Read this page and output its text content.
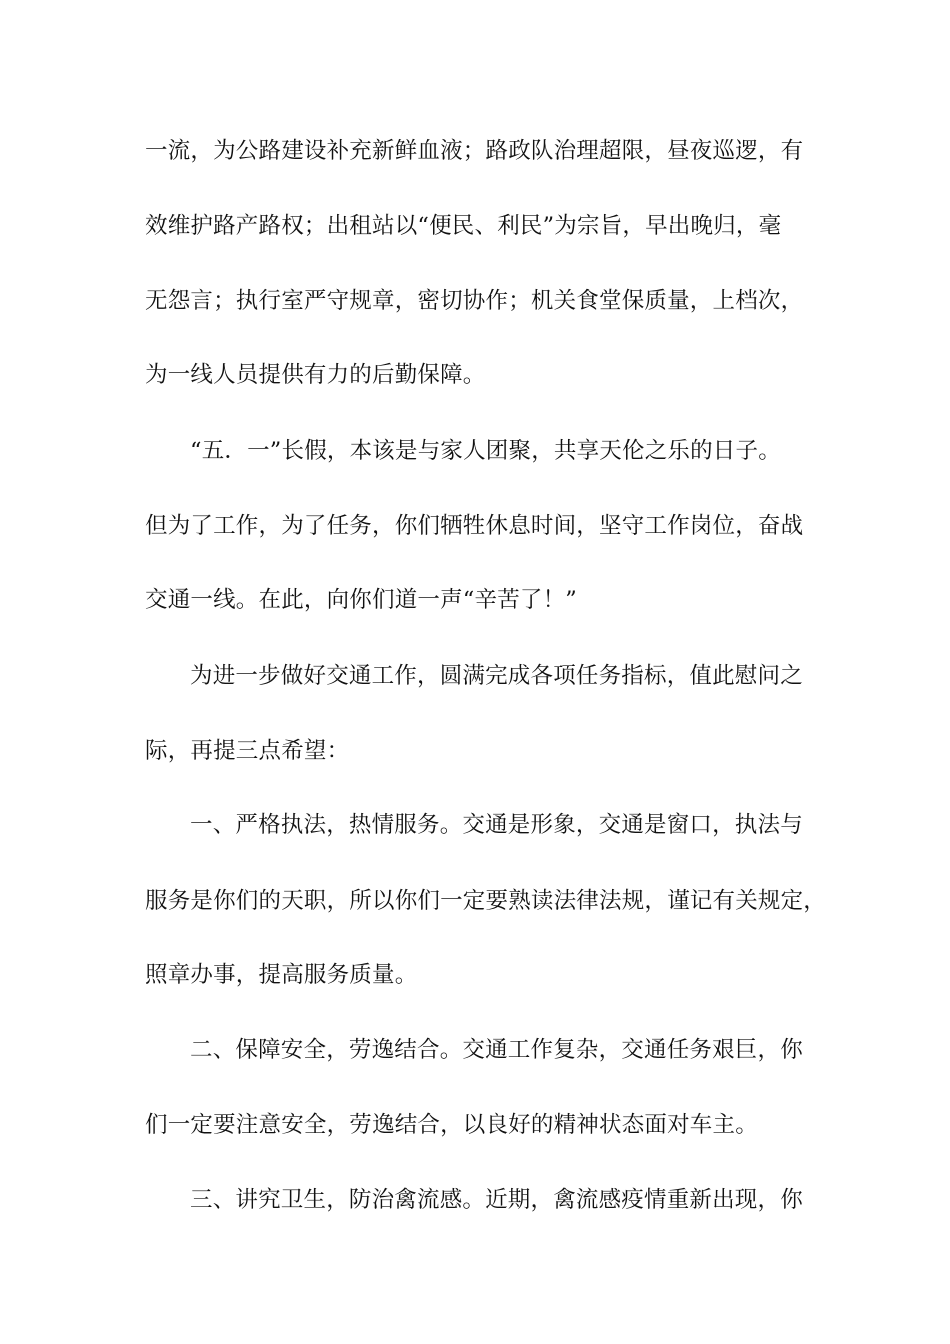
一流，为公路建设补充新鲜血液；路政队治理超限，昼夜巡逻，有
效维护路产路权；出租站以“便民、利民”为宗旨，早出晚归，毫
无怨言；执行室严守规章，密切协作；机关食堂保质量，上档次，
为一线人员提供有力的后勤保障。
“五．一”长假，本该是与家人团聚，共享天伦之乐的日子。
但为了工作，为了任务，你们牺牲休息时间，坚守工作岗位，奋战
交通一线。在此，向你们道一声“辛苦了！”
为进一步做好交通工作，圆满完成各项任务指标，值此慰问之
际，再提三点希望：
一、严格执法，热情服务。交通是形象，交通是窗口，执法与
服务是你们的天职，所以你们一定要熟读法律法规，谨记有关规定，
照章办事，提高服务质量。
二、保障安全，劳逸结合。交通工作复杂，交通任务艰巨，你
们一定要注意安全，劳逸结合，以良好的精神状态面对车主。
三、讲究卫生，防治禽流感。近期，禽流感疫情重新出现，你
